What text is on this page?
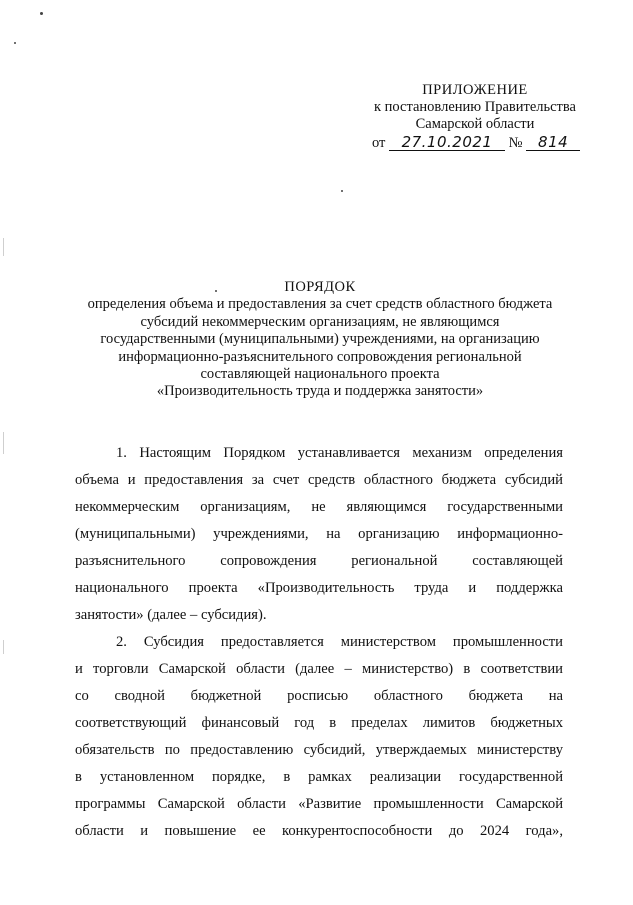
ПРИЛОЖЕНИЕ
к постановлению Правительства
Самарской области
от 27.10.2021 № 814
ПОРЯДОК
определения объема и предоставления за счет средств областного бюджета
субсидий некоммерческим организациям, не являющимся
государственными (муниципальными) учреждениями, на организацию
информационно-разъяснительного сопровождения региональной
составляющей национального проекта
«Производительность труда и поддержка занятости»
1. Настоящим Порядком устанавливается механизм определения
объема и предоставления за счет средств областного бюджета субсидий
некоммерческим организациям, не являющимся государственными
(муниципальными) учреждениями, на организацию информационно-
разъяснительного сопровождения региональной составляющей
национального проекта «Производительность труда и поддержка
занятости» (далее – субсидия).
2. Субсидия предоставляется министерством промышленности
и торговли Самарской области (далее – министерство) в соответствии
со сводной бюджетной росписью областного бюджета на
соответствующий финансовый год в пределах лимитов бюджетных
обязательств по предоставлению субсидий, утверждаемых министерству
в установленном порядке, в рамках реализации государственной
программы Самарской области «Развитие промышленности Самарской
области и повышение ее конкурентоспособности до 2024 года»,
